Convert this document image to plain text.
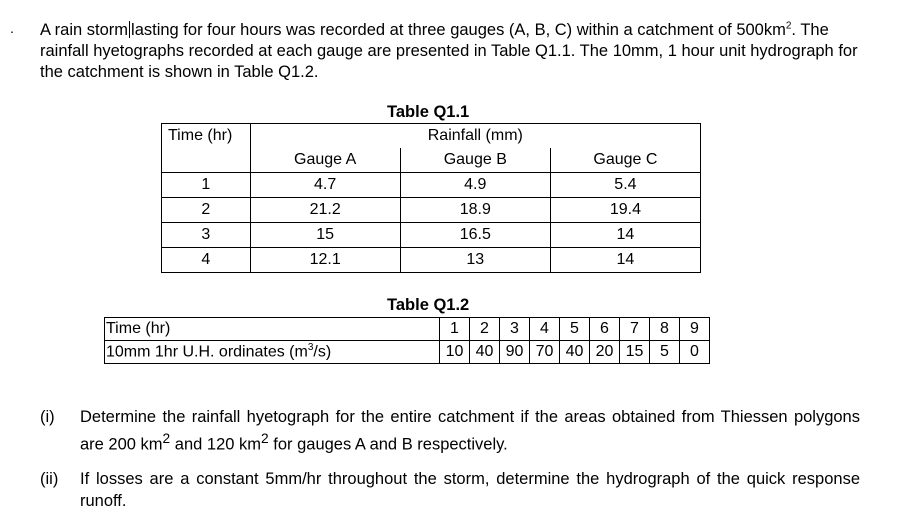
. A rain storm lasting for four hours was recorded at three gauges (A, B, C) within a catchment of $500km^2$. The rainfall hyetographs recorded at each gauge are presented in Table Q1.1. The 10mm, 1 hour unit hydrograph for the catchment is shown in Table Q1.2.
Table Q1.1
Time (hr)	Rainfall (mm)		
	Gauge A	Gauge B	Gauge C
1	4.7	4.9	5.4
2	21.2	18.9	19.4
3	15	16.5	14
4	12.1	13	14
Table Q1.2
Time (hr)	1	2	3	4	5	6	7	8	9
10mm 1hr U.H. ordinates $(m^3/s)$	10	40	90	70	40	20	15	5	0
(i) Determine the rainfall hyetograph for the entire catchment if the areas obtained from Thiessen polygons are 200 $km^2$ and 120 $km^2$ for gauges A and B respectively.
(ii) If losses are a constant 5mm/hr throughout the storm, determine the hydrograph of the quick response runoff.
